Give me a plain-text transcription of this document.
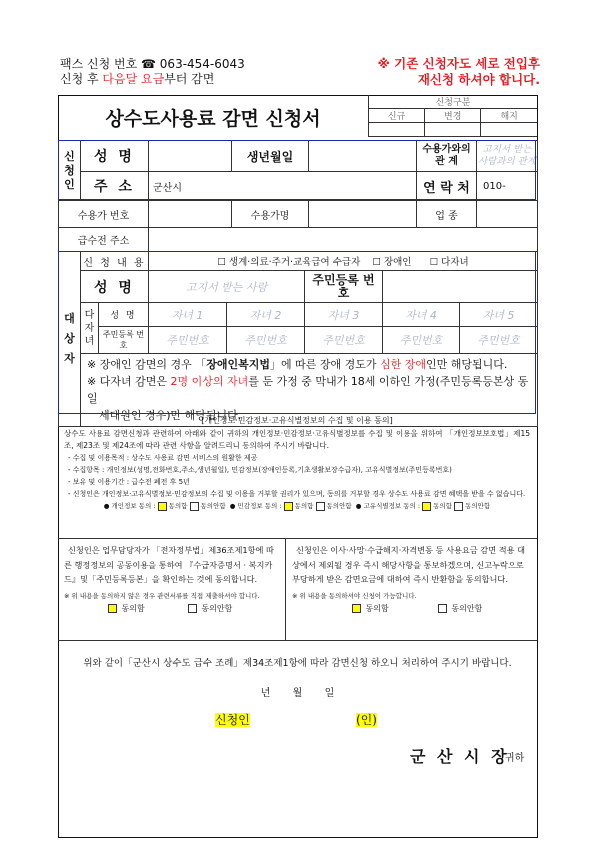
팩스 신청 번호 ☎ 063-454-6043
신청 후 다음달 요금부터 감면
※ 기존 신청자도 세로 전입후
재신청 하셔야 합니다.
상수도사용료 감면 신청서
신청구분		
신규	변경	해지

신
청
인	성 명		생년월일		수용가와의 관 계	고지서 받는 사람과의 관계
	주 소	군산시			연 락 처	010-
수용가 번호		수용가명		업 종	
급수전 주소					
대
상
자	신 청 내 용		☐ 생계·의료·주거·교육급여 수급자 ☐ 장애인 ☐ 다자녀				
	성 명		고지서 받는 사람		주민등록 번 호		

	다
자
녀	성 명	자녀 1	자녀 2	자녀 3	자녀 4	자녀 5
		주민등록 번 호	주민번호	주민번호	주민번호	주민번호	주민번호

	※ 장애인 감면의 경우 「장애인복지법」에 따른 장애 경도가 심한 장애인만 해당됩니다.
※ 다자녀 감면은 2명 이상의 자녀를 둔 가정 중 막내가 18세 이하인 가정(주민등록등본상 동일
세대원인 경우)만 해당됩니다.						
[개인정보·민감정보·고유식별정보의 수집 및 이용 동의]
상수도 사용료 감면신청과 관련하여 아래와 같이 귀하의 개인정보·민감정보·고유식별정보를 수집 및 이용을 위하여 「개인정보보호법」제15조, 제23조 및 제24조에 따라 관련 사항을 알려드리니 동의하여 주시기 바랍니다.
- 수집 및 이용목적 : 상수도 사용료 감면 서비스의 원활한 제공
- 수집항목 : 개인정보(성명,전화번호,주소,생년월일), 민감정보(장애인등록,기초생활보장수급자), 고유식별정보(주민등록번호)
- 보유 및 이용기간 : 급수전 폐전 후 5년
- 신청인은 개인정보·고유식별정보·민감정보의 수집 및 이용을 거부할 권리가 있으며, 동의를 거부할 경우 상수도 사용료 감면 혜택을 받을 수 없습니다.
● 개인정보 동의 : 동의함 동의안함 ● 민감정보 동의 : 동의함 동의안함 ● 고유식별정보 동의 : 동의함 동의안함
신청인은 업무담당자가 「전자정부법」제36조제1항에 따른 행정정보의 공동이용을 통하여 『수급자증명서 · 복지카드』및「주민등록등본」을 확인하는 것에 동의합니다.
※ 위 내용을 동의하지 않은 경우 관련서류를 직접 제출하셔야 합니다.
동의함	동의안함
신청인은 이사·사망·수급해지·자격변동 등 사용요금 감면 적용 대상에서 제외될 경우 즉시 해당사항을 통보하겠으며, 신고누락으로 부당하게 받은 감면요금에 대하여 즉시 반환함을 동의합니다.
※ 위 내용을 동의하셔야 신청이 가능합니다.
동의함	동의안함
위와 같이「군산시 상수도 급수 조례」제34조제1항에 따라 감면신청 하오니 처리하여 주시기 바랍니다.
년       월       일
신청인	(인)
군 산 시 장
귀하
